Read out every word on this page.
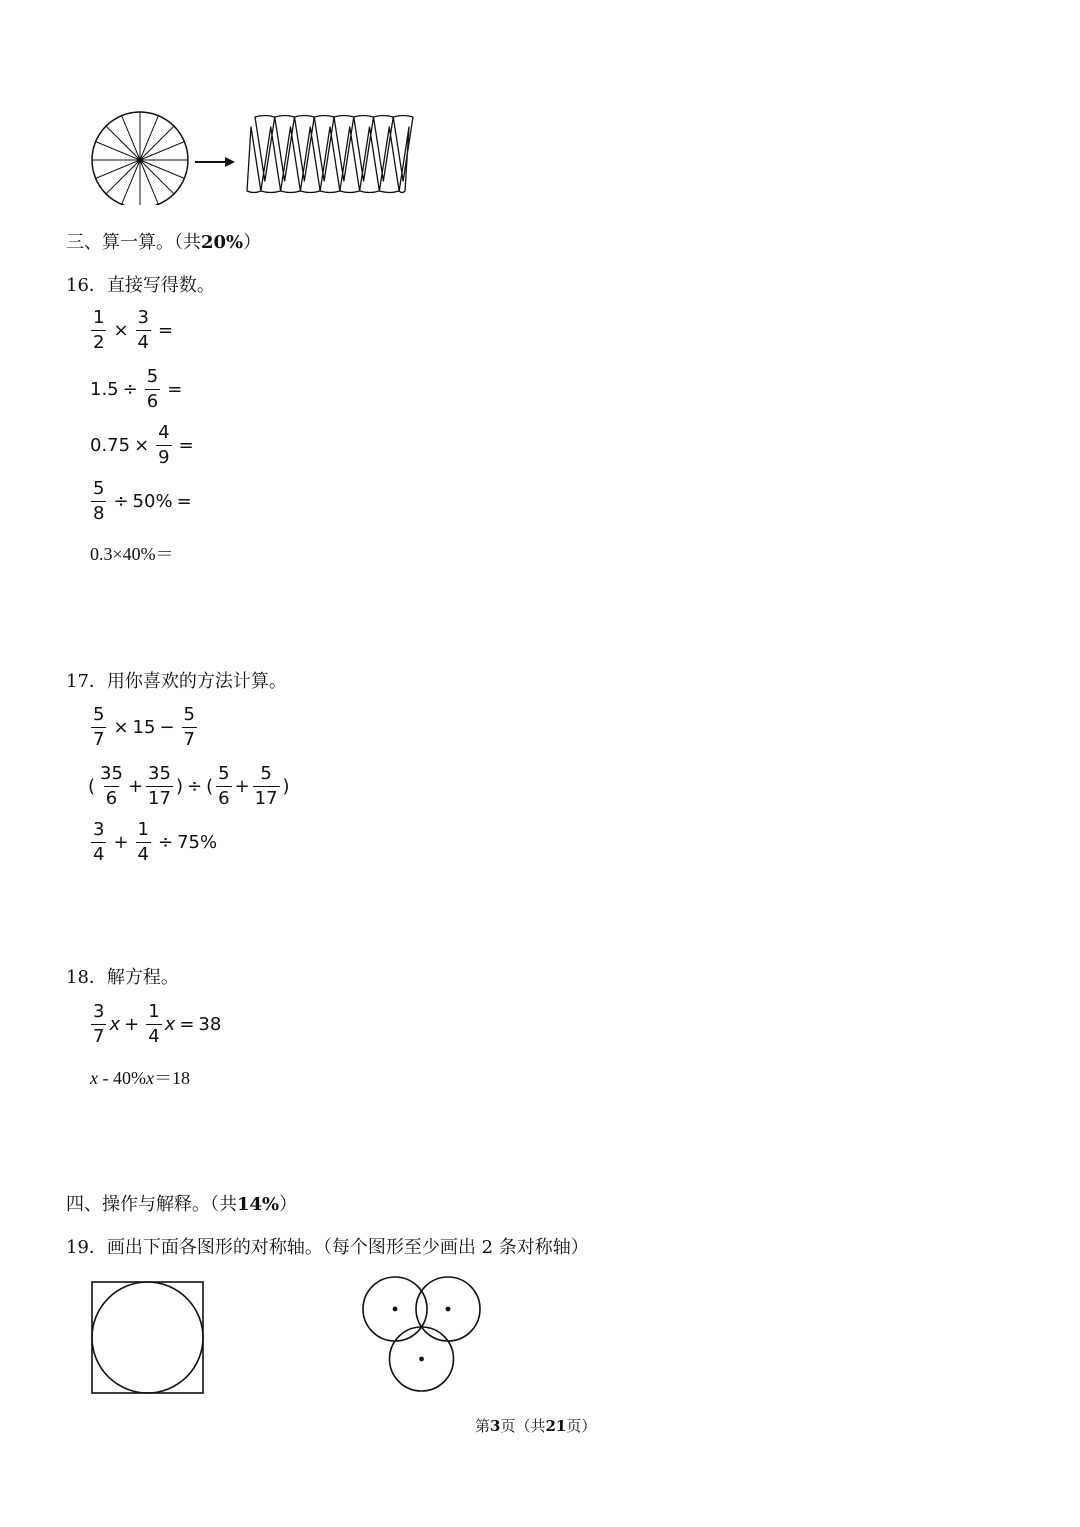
三、算一算。（共20%）
16．直接写得数。
$\frac{1}{2} \times \frac{3}{4}$ =
$1.5 \div \frac{5}{6}$ =
$0.75 \times \frac{4}{9}$ =
$\frac{5}{8} \div 50\%$ =
0.3×40%＝
17．用你喜欢的方法计算。
$\frac{5}{7} \times 15 - \frac{5}{7}$
( $\frac{35}{6} + \frac{35}{17}$ ) ÷ ( $\frac{5}{6} + \frac{5}{17}$ )
$\frac{3}{4} + \frac{1}{4} \div 75\%$
18．解方程。
$\frac{3}{7}$ $x + \frac{1}{4}$ x = 38
x ‑ 40%x＝18
四、操作与解释。（共14%）
19．画出下面各图形的对称轴。（每个图形至少画出 2 条对称轴）
第3页（共21页）
